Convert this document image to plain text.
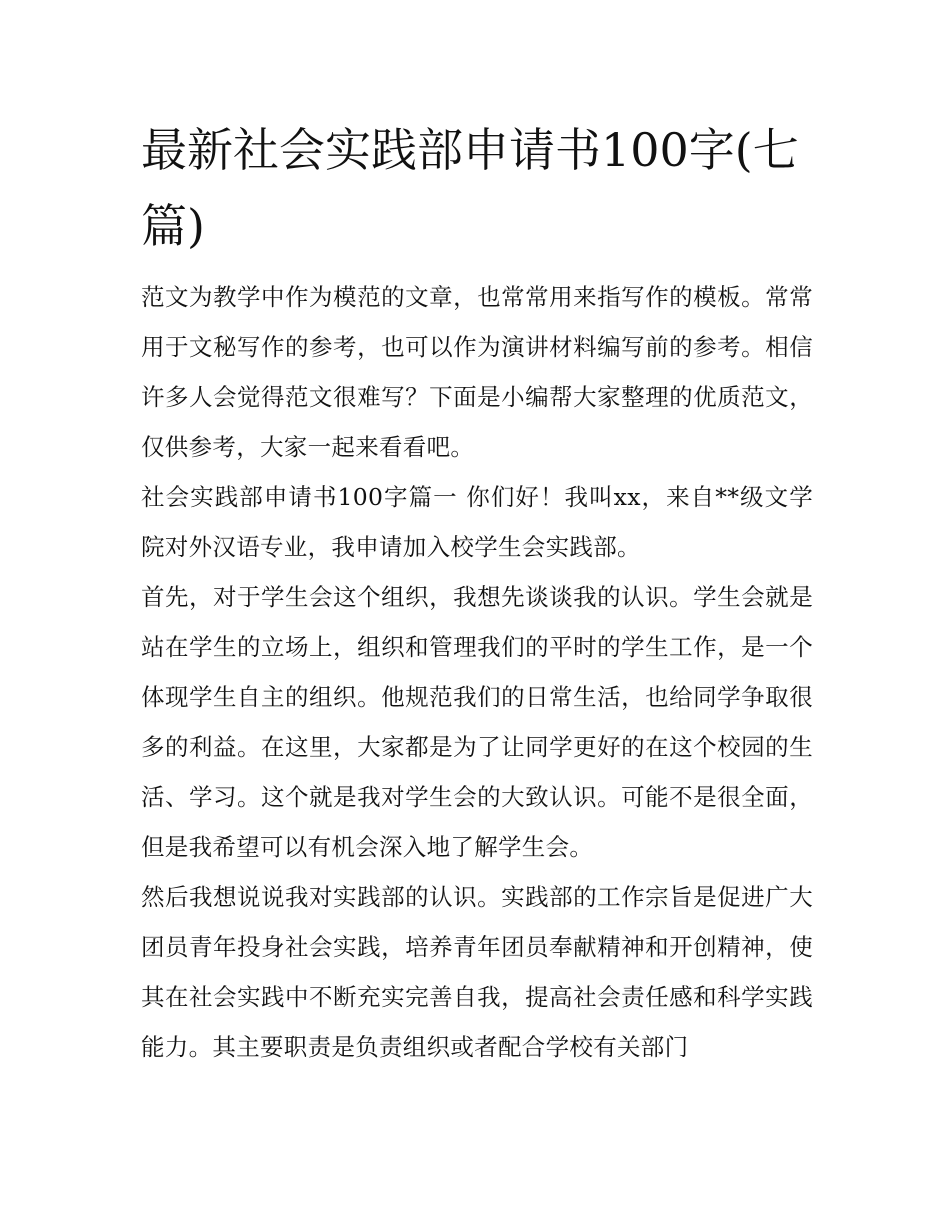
最新社会实践部申请书100字(七篇)

范文为教学中作为模范的文章，也常常用来指写作的模板。常常用于文秘写作的参考，也可以作为演讲材料编写前的参考。相信许多人会觉得范文很难写？下面是小编帮大家整理的优质范文，仅供参考，大家一起来看看吧。

社会实践部申请书100字篇一 你们好！我叫xx，来自**级文学院对外汉语专业，我申请加入校学生会实践部。

首先，对于学生会这个组织，我想先谈谈我的认识。学生会就是站在学生的立场上，组织和管理我们的平时的学生工作，是一个体现学生自主的组织。他规范我们的日常生活，也给同学争取很多的利益。在这里，大家都是为了让同学更好的在这个校园的生活、学习。这个就是我对学生会的大致认识。可能不是很全面，但是我希望可以有机会深入地了解学生会。

然后我想说说我对实践部的认识。实践部的工作宗旨是促进广大团员青年投身社会实践，培养青年团员奉献精神和开创精神，使其在社会实践中不断充实完善自我，提高社会责任感和科学实践能力。其主要职责是负责组织或者配合学校有关部门
